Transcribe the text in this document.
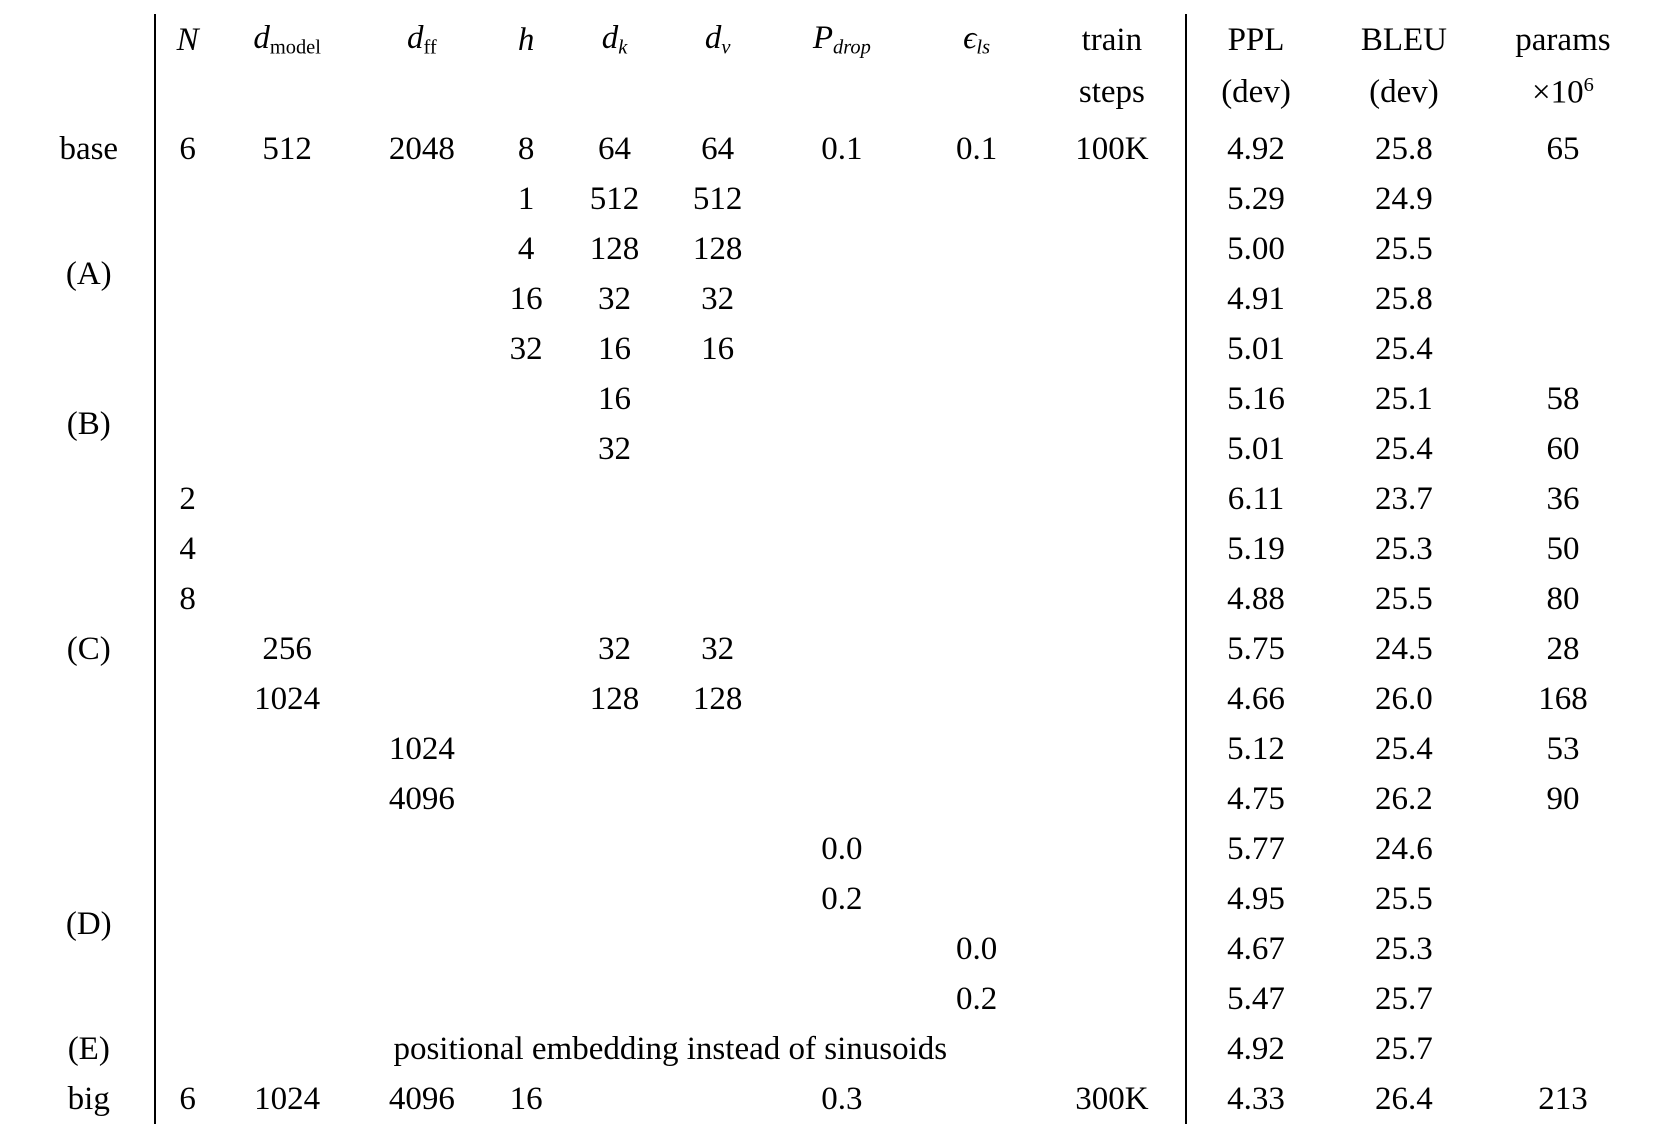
	N	$d_{model}$	$d_{ff}$	h	$d_k$	$d_v$	$P_{drop}$	$\epsilon_{ls}$	train	PPL	BLEU	params
									steps	(dev)	(dev)	$\times 10^6$
base	6	512	2048	8	64	64	0.1	0.1	100K	4.92	25.8	65
(A)				1	512	512				5.29	24.9	
				4	128	128				5.00	25.5	
				16	32	32				4.91	25.8	
				32	16	16				5.01	25.4	
(B)					16					5.16	25.1	58
					32					5.01	25.4	60
(C)	2									6.11	23.7	36
	4									5.19	25.3	50
	8									4.88	25.5	80
		256			32	32				5.75	24.5	28
		1024			128	128				4.66	26.0	168
			1024							5.12	25.4	53
			4096							4.75	26.2	90
(D)							0.0			5.77	24.6	
							0.2			4.95	25.5	
								0.0		4.67	25.3	
								0.2		5.47	25.7	
(E)	positional embedding instead of sinusoids									4.92	25.7	
big	6	1024	4096	16			0.3		300K	4.33	26.4	213
